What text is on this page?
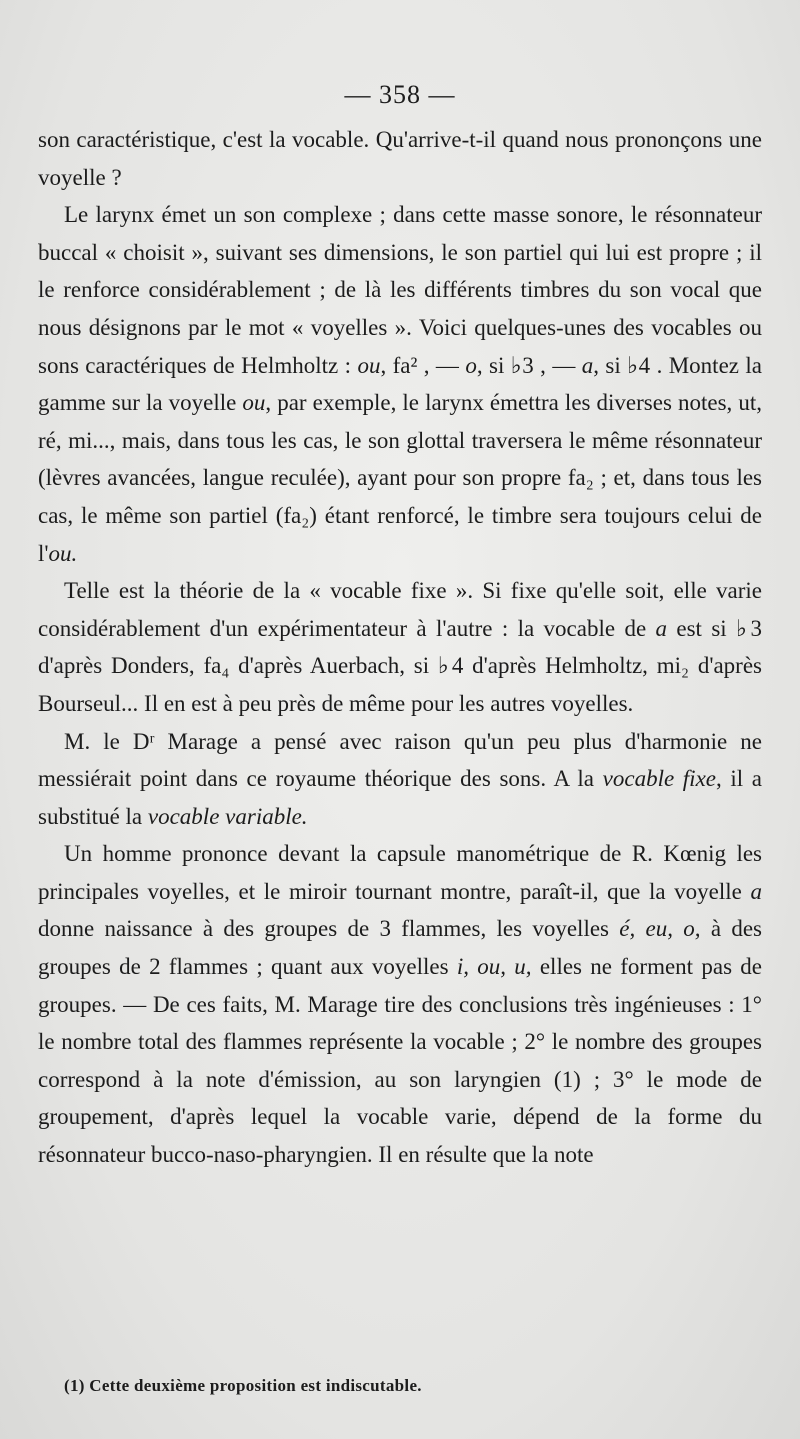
— 358 —

son caractéristique, c'est la vocable. Qu'arrive-t-il quand nous prononçons une voyelle ?

Le larynx émet un son complexe ; dans cette masse sonore, le résonnateur buccal « choisit », suivant ses dimensions, le son partiel qui lui est propre ; il le renforce considérablement ; de là les différents timbres du son vocal que nous désignons par le mot « voyelles ». Voici quelques-unes des vocables ou sons caractériques de Helmholtz : ou, fa² , — o, si ♭3 , — a, si ♭4 . Montez la gamme sur la voyelle ou, par exemple, le larynx émettra les diverses notes, ut, ré, mi..., mais, dans tous les cas, le son glottal traversera le même résonnateur (lèvres avancées, langue reculée), ayant pour son propre fa₂ ; et, dans tous les cas, le même son partiel (fa₂) étant renforcé, le timbre sera toujours celui de l'ou.

Telle est la théorie de la « vocable fixe ». Si fixe qu'elle soit, elle varie considérablement d'un expérimentateur à l'autre : la vocable de a est si ♭3 d'après Donders, fa₄ d'après Auerbach, si ♭4 d'après Helmholtz, mi₂ d'après Bourseul... Il en est à peu près de même pour les autres voyelles.

M. le Dʳ Marage a pensé avec raison qu'un peu plus d'harmonie ne messiérait point dans ce royaume théorique des sons. A la vocable fixe, il a substitué la vocable variable.

Un homme prononce devant la capsule manométrique de R. Kœnig les principales voyelles, et le miroir tournant montre, paraît-il, que la voyelle a donne naissance à des groupes de 3 flammes, les voyelles é, eu, o, à des groupes de 2 flammes ; quant aux voyelles i, ou, u, elles ne forment pas de groupes. — De ces faits, M. Marage tire des conclusions très ingénieuses : 1° le nombre total des flammes représente la vocable ; 2° le nombre des groupes correspond à la note d'émission, au son laryngien (1) ; 3° le mode de groupement, d'après lequel la vocable varie, dépend de la forme du résonnateur bucco-naso-pharyngien. Il en résulte que la note

(1) Cette deuxième proposition est indiscutable.
